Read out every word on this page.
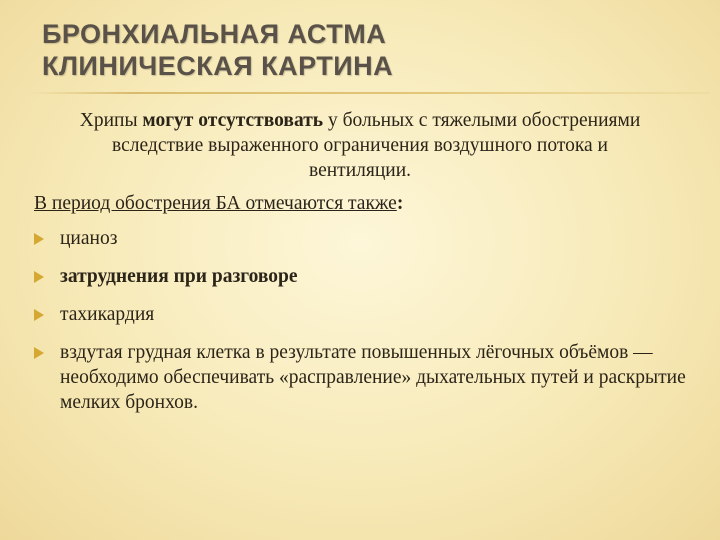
БРОНХИАЛЬНАЯ АСТМА
КЛИНИЧЕСКАЯ КАРТИНА

Хрипы могут отсутствовать у больных с тяжелыми обострениями вследствие выраженного ограничения воздушного потока и вентиляции.

В период обострения БА отмечаются также:

цианоз
затруднения при разговоре
тахикардия
вздутая грудная клетка в результате повышенных лёгочных объёмов — необходимо обеспечивать «расправление» дыхательных путей и раскрытие мелких бронхов.
